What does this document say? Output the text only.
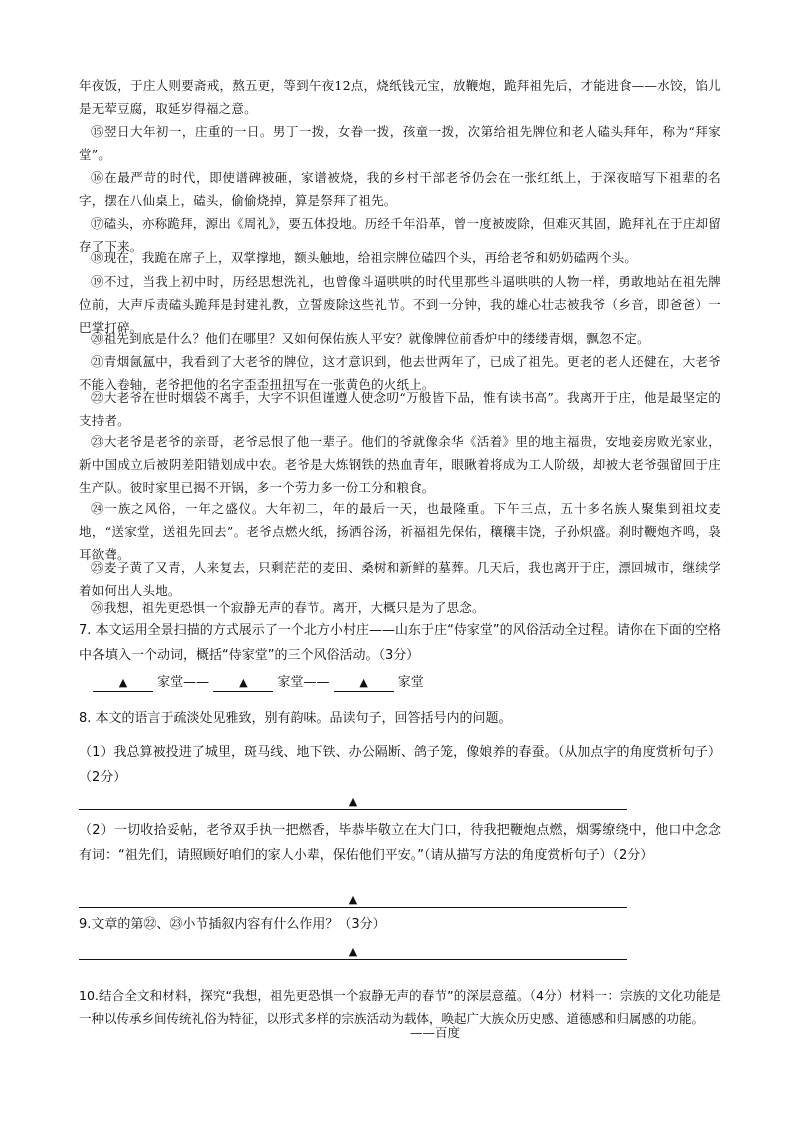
年夜饭，于庄人则要斋戒，熬五更，等到午夜12点，烧纸钱元宝，放鞭炮，跪拜祖先后，才能进食——水饺，馅儿是无荤豆腐，取延岁得福之意。
⑮翌日大年初一，庄重的一日。男丁一拨，女眷一拨，孩童一拨，次第给祖先牌位和老人磕头拜年，称为“拜家堂”。
⑯在最严苛的时代，即使谱碑被砸，家谱被烧，我的乡村干部老爷仍会在一张红纸上，于深夜暗写下祖辈的名字，摆在八仙桌上，磕头，偷偷烧掉，算是祭拜了祖先。
⑰磕头，亦称跪拜，源出《周礼》，要五体投地。历经千年沿革，曾一度被废除，但难灭其固，跪拜礼在于庄却留存了下来。
⑱现在，我跪在席子上，双掌撑地，额头触地，给祖宗牌位磕四个头，再给老爷和奶奶磕两个头。
⑲不过，当我上初中时，历经思想洗礼，也曾像斗逼哄哄的时代里那些斗逼哄哄的人物一样，勇敢地站在祖先牌位前，大声斥责磕头跪拜是封建礼教，立誓废除这些礼节。不到一分钟，我的雄心壮志被我爷（乡音，即爸爸）一巴掌打碎。
⑳祖先到底是什么？他们在哪里？又如何保佑族人平安？就像牌位前香炉中的缕缕青烟，飘忽不定。
㉑青烟氤氲中，我看到了大老爷的牌位，这才意识到，他去世两年了，已成了祖先。更老的老人还健在，大老爷不能入卷轴，老爷把他的名字歪歪扭扭写在一张黄色的火纸上。
㉒大老爷在世时烟袋不离手，大字不识但谨遵人使念叨“万般皆下品，惟有读书高”。我离开于庄，他是最坚定的支持者。
㉓大老爷是老爷的亲哥，老爷忌恨了他一辈子。他们的爷就像余华《活着》里的地主福贵，安地妾房败光家业，新中国成立后被阴差阳错划成中农。老爷是大炼钢铁的热血青年，眼瞅着将成为工人阶级，却被大老爷强留回于庄生产队。彼时家里已揭不开锅，多一个劳力多一份工分和粮食。
㉔一族之风俗，一年之盛仪。大年初二，年的最后一天，也最隆重。下午三点，五十多名族人聚集到祖坟麦地，“送家堂，送祖先回去”。老爷点燃火纸，扬洒谷汤，祈福祖先保佑，穰穰丰饶，子孙炽盛。刹时鞭炮齐鸣，袅耳欲聋。
㉕麦子黄了又青，人来复去，只剩茫茫的麦田、桑树和新鲜的墓葬。几天后，我也离开于庄，漂回城市，继续学着如何出人头地。
㉖我想，祖先更恐惧一个寂静无声的春节。离开，大概只是为了思念。
7. 本文运用全景扫描的方式展示了一个北方小村庄——山东于庄“侍家堂”的风俗活动全过程。请你在下面的空格中各填入一个动词，概括“侍家堂”的三个风俗活动。（3分）
▲ 家堂——	▲ 家堂——	▲ 家堂
8. 本文的语言于疏淡处见雅致，别有韵味。品读句子，回答括号内的问题。
（1）我总算被投进了城里，斑马线、地下铁、办公隔断、鸽子笼，像娘养的春蚕。（从加点字的角度赏析句子）（2分）
▲
（2）一切收拾妥帖，老爷双手执一把燃香，毕恭毕敬立在大门口，待我把鞭炮点燃，烟雾缭绕中，他口中念念有词：“祖先们，请照顾好咱们的家人小辈，保佑他们平安。”（请从描写方法的角度赏析句子）（2分）
▲
9.文章的第㉒、㉓小节插叙内容有什么作用？（3分）
▲
10.结合全文和材料，探究“我想，祖先更恐惧一个寂静无声的春节”的深层意蕴。（4分）材料一：宗族的文化功能是一种以传承乡间传统礼俗为特征，以形式多样的宗族活动为载体，唤起广大族众历史感、道德感和归属感的功能。
——百度
